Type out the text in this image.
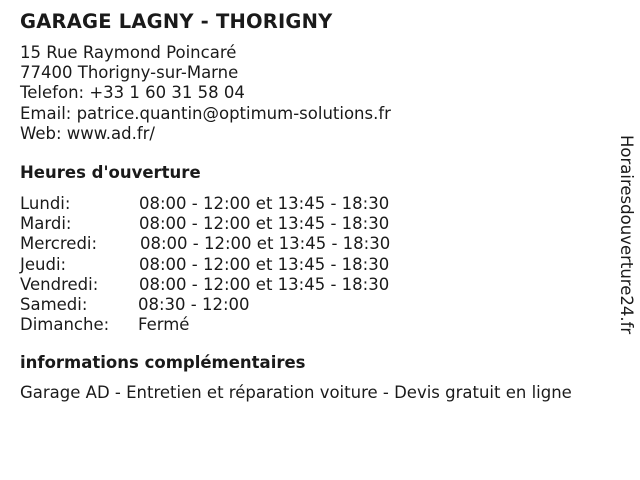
GARAGE LAGNY - THORIGNY
15 Rue Raymond Poincaré
77400 Thorigny-sur-Marne
Telefon: +33 1 60 31 58 04
Email: patrice.quantin@optimum-solutions.fr
Web: www.ad.fr/
Heures d'ouverture
Lundi:	08:00 - 12:00 et 13:45 - 18:30
Mardi:	08:00 - 12:00 et 13:45 - 18:30
Mercredi:	08:00 - 12:00 et 13:45 - 18:30
Jeudi:	08:00 - 12:00 et 13:45 - 18:30
Vendredi: 08:00 - 12:00 et 13:45 - 18:30
Samedi:	08:30 - 12:00
Dimanche: Fermé
informations complémentaires
Garage AD - Entretien et réparation voiture - Devis gratuit en ligne
Horairesdouverture24.fr
